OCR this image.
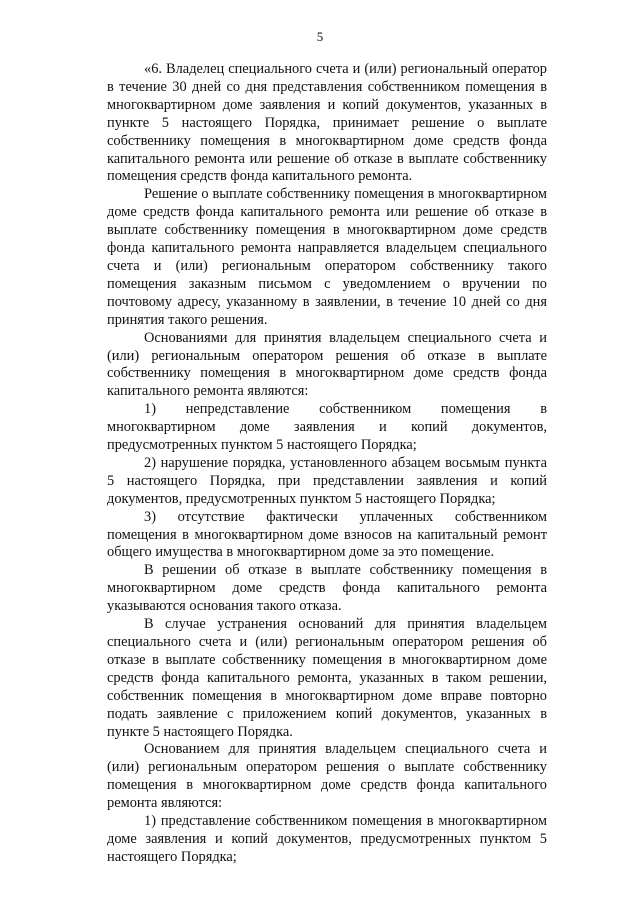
5

«6. Владелец специального счета и (или) региональный оператор в течение 30 дней со дня представления собственником помещения в многоквартирном доме заявления и копий документов, указанных в пункте 5 настоящего Порядка, принимает решение о выплате собственнику помещения в многоквартирном доме средств фонда капитального ремонта или решение об отказе в выплате собственнику помещения средств фонда капитального ремонта.

Решение о выплате собственнику помещения в многоквартирном доме средств фонда капитального ремонта или решение об отказе в выплате собственнику помещения в многоквартирном доме средств фонда капитального ремонта направляется владельцем специального счета и (или) региональным оператором собственнику такого помещения заказным письмом с уведомлением о вручении по почтовому адресу, указанному в заявлении, в течение 10 дней со дня принятия такого решения.

Основаниями для принятия владельцем специального счета и (или) региональным оператором решения об отказе в выплате собственнику помещения в многоквартирном доме средств фонда капитального ремонта являются:

1) непредставление собственником помещения в многоквартирном доме заявления и копий документов, предусмотренных пунктом 5 настоящего Порядка;

2) нарушение порядка, установленного абзацем восьмым пункта 5 настоящего Порядка, при представлении заявления и копий документов, предусмотренных пунктом 5 настоящего Порядка;

3) отсутствие фактически уплаченных собственником помещения в многоквартирном доме взносов на капитальный ремонт общего имущества в многоквартирном доме за это помещение.

В решении об отказе в выплате собственнику помещения в многоквартирном доме средств фонда капитального ремонта указываются основания такого отказа.

В случае устранения оснований для принятия владельцем специального счета и (или) региональным оператором решения об отказе в выплате собственнику помещения в многоквартирном доме средств фонда капитального ремонта, указанных в таком решении, собственник помещения в многоквартирном доме вправе повторно подать заявление с приложением копий документов, указанных в пункте 5 настоящего Порядка.

Основанием для принятия владельцем специального счета и (или) региональным оператором решения о выплате собственнику помещения в многоквартирном доме средств фонда капитального ремонта являются:

1) представление собственником помещения в многоквартирном доме заявления и копий документов, предусмотренных пунктом 5 настоящего Порядка;
